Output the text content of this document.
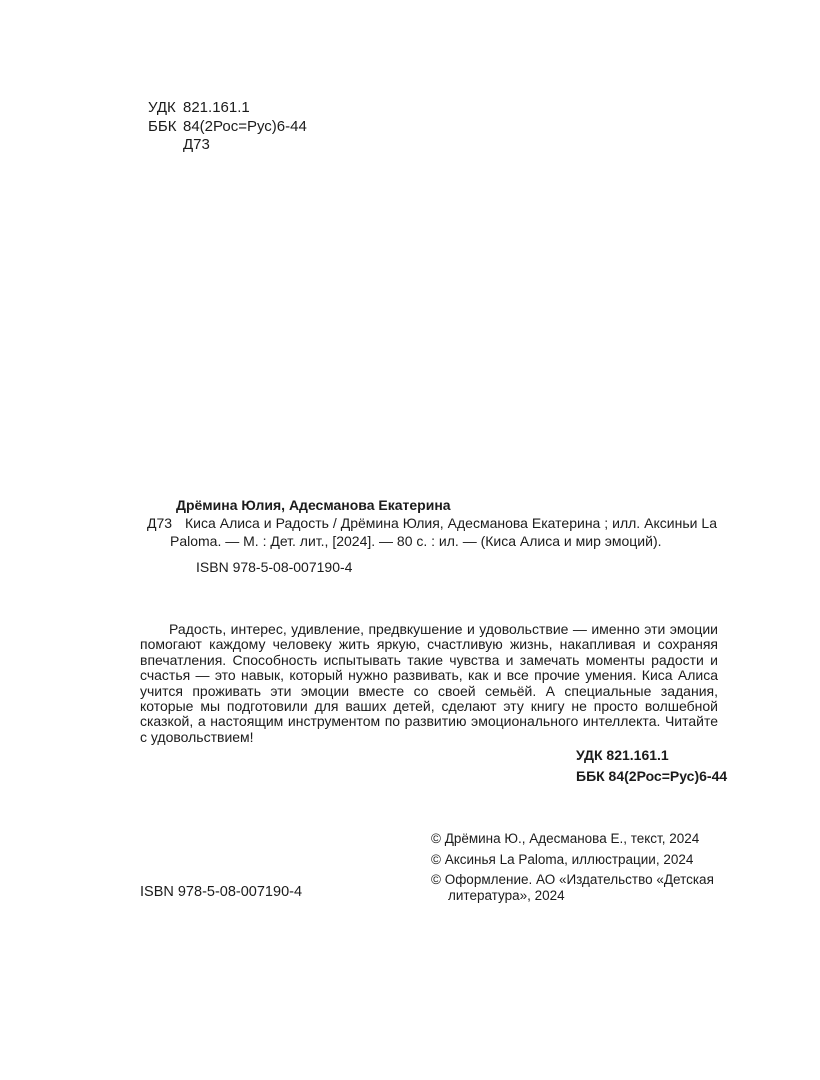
УДК 821.161.1
ББК 84(2Рос=Рус)6-44
Д73

Дрёмина Юлия, Адесманова Екатерина

Д73 Киса Алиса и Радость / Дрёмина Юлия, Адесманова Екатерина ; илл. Аксиньи La Paloma. — М. : Дет. лит., [2024]. — 80 с. : ил. — (Киса Алиса и мир эмоций).

ISBN 978-5-08-007190-4

Радость, интерес, удивление, предвкушение и удовольствие — именно эти эмоции помогают каждому человеку жить яркую, счастливую жизнь, накапливая и сохраняя впечатления. Способность испытывать такие чувства и замечать моменты радости и счастья — это навык, который нужно развивать, как и все прочие умения. Киса Алиса учится проживать эти эмоции вместе со своей семьёй. А специальные задания, которые мы подготовили для ваших детей, сделают эту книгу не просто волшебной сказкой, а настоящим инструментом по развитию эмоционального интеллекта. Читайте с удовольствием!

УДК 821.161.1
ББК 84(2Рос=Рус)6-44

© Дрёмина Ю., Адесманова Е., текст, 2024

© Аксинья La Paloma, иллюстрации, 2024

© Оформление. АО «Издательство «Детская литература», 2024

ISBN 978-5-08-007190-4
